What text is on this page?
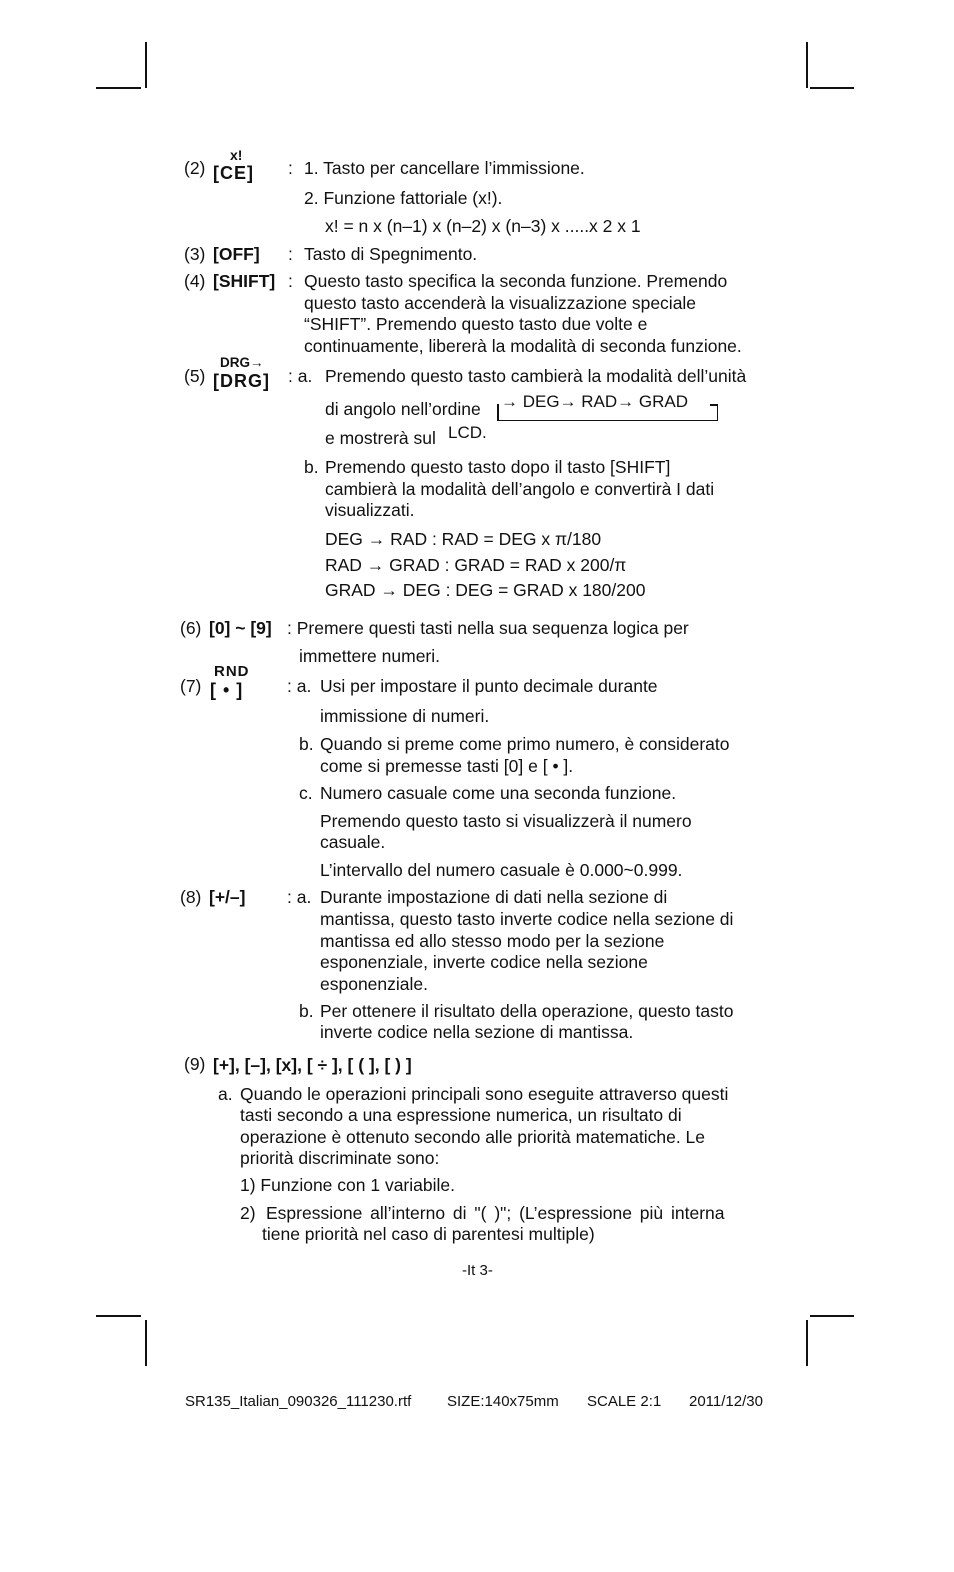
(2)
x!
[CE] : 1. Tasto per cancellare l’immissione.
2. Funzione fattoriale (x!).
x! = n x (n–1) x (n–2) x (n–3) x .....x 2 x 1
(3) [OFF] : Tasto di Spegnimento.
(4) [SHIFT] : Questo tasto specifica la seconda funzione. Premendo
questo tasto accenderà la visualizzazione speciale
“SHIFT”. Premendo questo tasto due volte e
continuamente, libererà la modalità di seconda funzione.
(5)
DRG→
[DRG] : a. Premendo questo tasto cambierà la modalità dell’unità
di angolo nell’ordine → DEG→ RAD→ GRAD
e mostrerà sul LCD.
b. Premendo questo tasto dopo il tasto [SHIFT]
cambierà la modalità dell’angolo e convertirà I dati
visualizzati.
DEG → RAD : RAD = DEG x π/180
RAD → GRAD : GRAD = RAD x 200/π
GRAD → DEG : DEG = GRAD x 180/200
(6) [0] ~ [9] : Premere questi tasti nella sua sequenza logica per
immettere numeri.
(7)
RND
[ • ] : a. Usi per impostare il punto decimale durante
immissione di numeri.
b. Quando si preme come primo numero, è considerato
come si premesse tasti [0] e [ • ].
c. Numero casuale come una seconda funzione.
Premendo questo tasto si visualizzerà il numero
casuale.
L’intervallo del numero casuale è 0.000~0.999.
(8) [+/–] : a. Durante impostazione di dati nella sezione di
mantissa, questo tasto inverte codice nella sezione di
mantissa ed allo stesso modo per la sezione
esponenziale, inverte codice nella sezione
esponenziale.
b. Per ottenere il risultato della operazione, questo tasto
inverte codice nella sezione di mantissa.
(9) [+], [–], [x], [ ÷ ], [ ( ], [ ) ]
a. Quando le operazioni principali sono eseguite attraverso questi
tasti secondo a una espressione numerica, un risultato di
operazione è ottenuto secondo alle priorità matematiche. Le
priorità discriminate sono:
1) Funzione con 1 variabile.
2) Espressione all’interno di "( )"; (L’espressione più interna
tiene priorità nel caso di parentesi multiple)
-It 3-
SR135_Italian_090326_111230.rtf SIZE:140x75mm SCALE 2:1 2011/12/30
